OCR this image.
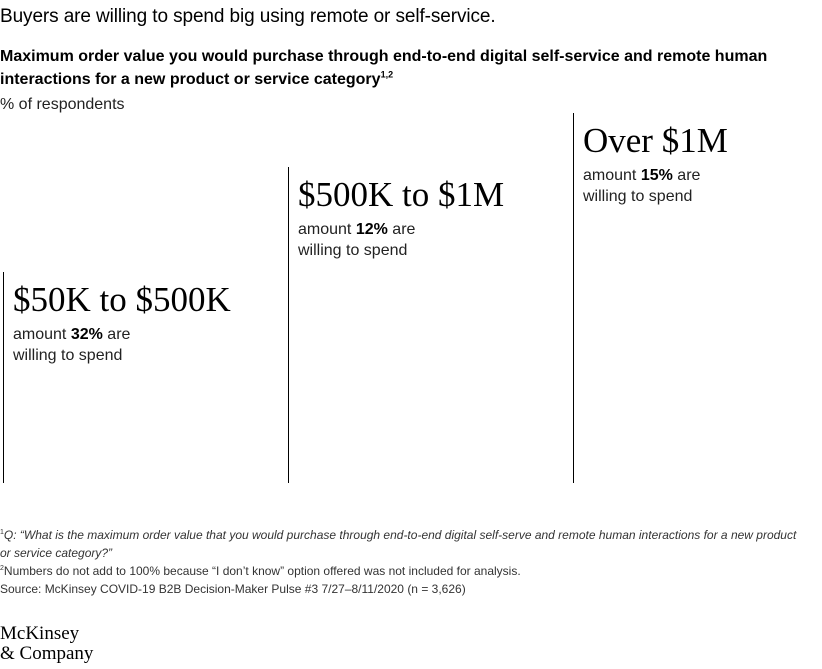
Buyers are willing to spend big using remote or self-service.
Maximum order value you would purchase through end-to-end digital self-service and remote human interactions for a new product or service category$^{1,2}$
% of respondents
$50K to $500K
amount 32% are
willing to spend
$500K to $1M
amount 12% are
willing to spend
Over $1M
amount 15% are
willing to spend
$^1$Q: “What is the maximum order value that you would purchase through end-to-end digital self-serve and remote human interactions for a new product or service category?”
$^2$Numbers do not add to 100% because “I don’t know” option offered was not included for analysis.
Source: McKinsey COVID-19 B2B Decision-Maker Pulse #3 7/27–8/11/2020 (n = 3,626)
McKinsey
& Company
